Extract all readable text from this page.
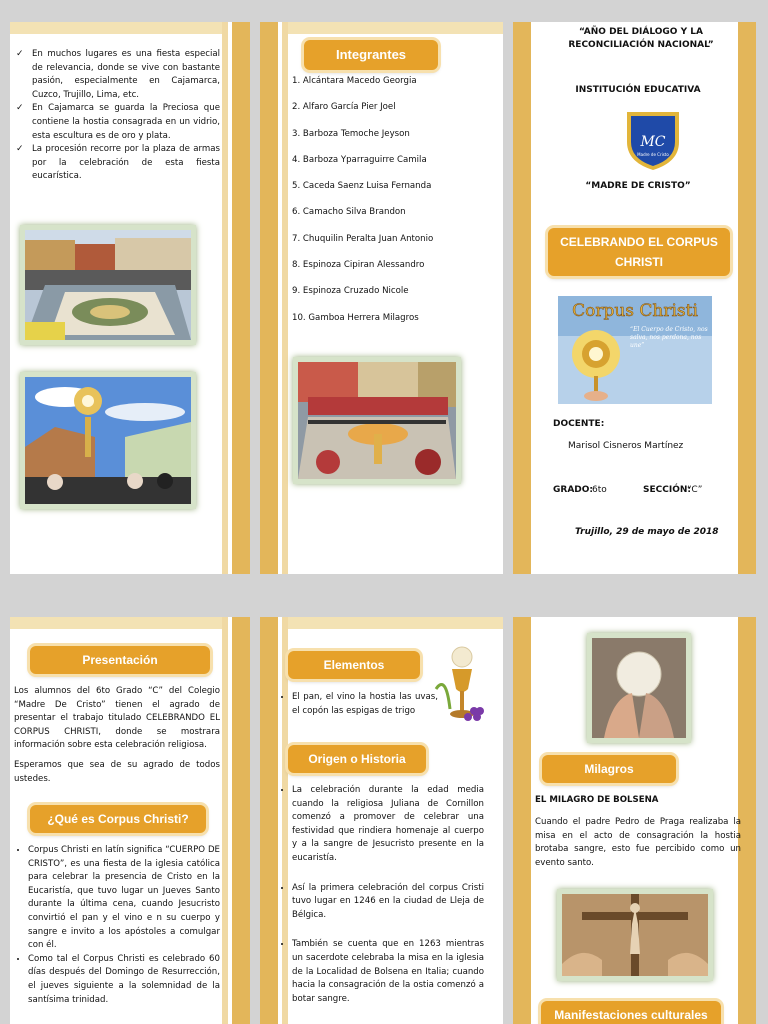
✓ En muchos lugares es una fiesta especial de relevancia, donde se vive con bastante pasión, especialmente en Cajamarca, Cuzco, Trujillo, Lima, etc.
✓ En Cajamarca se guarda la Preciosa que contiene la hostia consagrada en un vidrio, esta escultura es de oro y plata.
✓ La procesión recorre por la plaza de armas por la celebración de esta fiesta eucarística.
Integrantes
1. Alcántara Macedo Georgia
2. Alfaro García Pier Joel
3. Barboza Temoche Jeyson
4. Barboza Yparraguirre Camila
5. Caceda Saenz Luisa Fernanda
6. Camacho Silva Brandon
7. Chuquilin Peralta Juan Antonio
8. Espinoza Cipiran Alessandro
9. Espinoza Cruzado Nicole
10. Gamboa Herrera Milagros
“AÑO DEL DIÁLOGO Y LA RECONCILIACIÓN NACIONAL”
INSTITUCIÓN EDUCATIVA
MC
Madre de Cristo
“MADRE DE CRISTO”
CELEBRANDO EL CORPUS CHRISTI
Corpus Christi
“El Cuerpo de Cristo, nos salva, nos perdona, nos une”
DOCENTE:
Marisol Cisneros Martínez
GRADO:
6to	SECCIÓN:
“C”
Trujillo, 29 de mayo de 2018
Presentación

Los alumnos del 6to Grado “C” del Colegio “Madre De Cristo” tienen el agrado de presentar el trabajo titulado CELEBRANDO EL CORPUS CHRISTI, donde se mostrara información sobre esta celebración religiosa.

Esperamos que sea de su agrado de todos ustedes.

¿Qué es Corpus Christi?
• Corpus Christi en latín significa “CUERPO DE CRISTO”, es una fiesta de la iglesia católica para celebrar la presencia de Cristo en la Eucaristía, que tuvo lugar un Jueves Santo durante la última cena, cuando Jesucristo convirtió el pan y el vino e n su cuerpo y sangre e invito a los apóstoles a comulgar con él.
• Como tal el Corpus Christi es celebrado 60 días después del Domingo de Resurrección, el jueves siguiente a la solemnidad de la santísima trinidad.
Elementos
• El pan, el vino la hostia las uvas, el copón las espigas de trigo
Origen o Historia
• La celebración durante la edad media cuando la religiosa Juliana de Cornillon comenzó a promover de celebrar una festividad que rindiera homenaje al cuerpo y a la sangre de Jesucristo presente en la eucaristía.
• Así la primera celebración del corpus Cristi tuvo lugar en 1246 en la ciudad de Lleja de Bélgica.
• También se cuenta que en 1263 mientras un sacerdote celebraba la misa en la iglesia de la Localidad de Bolsena en Italia; cuando hacia la consagración de la ostia comenzó a botar sangre.
Milagros
EL MILAGRO DE BOLSENA
Cuando el padre Pedro de Praga realizaba la misa en el acto de consagración la hostia brotaba sangre, esto fue percibido como un evento santo.
Manifestaciones culturales
